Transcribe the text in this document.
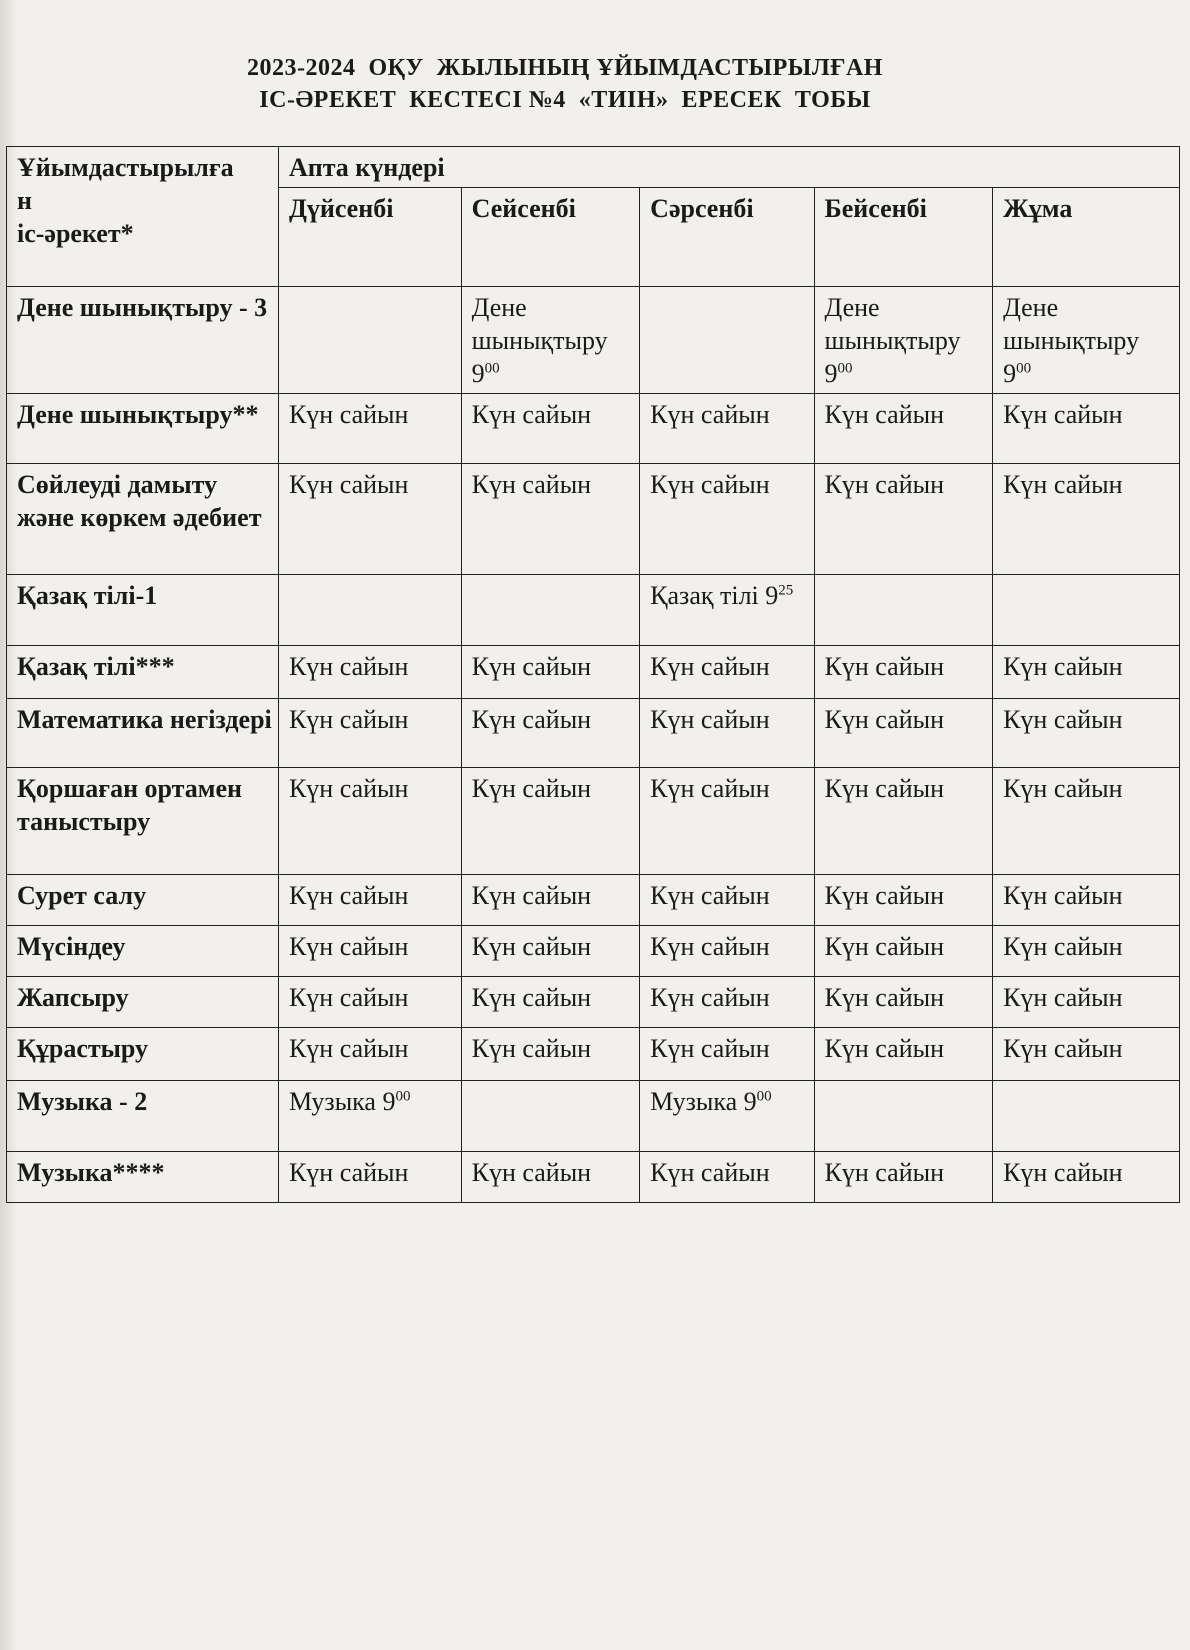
2023-2024  ОҚУ  ЖЫЛЫНЫҢ ҰЙЫМДАСТЫРЫЛҒАН
ІС-ӘРЕКЕТ  КЕСТЕСІ №4  «ТИІН»  ЕРЕСЕК  ТОБЫ
Ұйымдастырылға
н
іс-әрекет*	Апта күндері				
	Дүйсенбі	Сейсенбі	Сәрсенбі	Бейсенбі	Жұма
Дене шынықтыру - 3		Дене шынықтыру $9^{00}$		Дене шынықтыру $9^{00}$	Дене шынықтыру $9^{00}$
Дене шынықтыру**	Күн сайын	Күн сайын	Күн сайын	Күн сайын	Күн сайын
Сөйлеуді дамыту және көркем әдебиет	Күн сайын	Күн сайын	Күн сайын	Күн сайын	Күн сайын
Қазақ тілі-1			Қазақ тілі $9^{25}$		
Қазақ тілі***	Күн сайын	Күн сайын	Күн сайын	Күн сайын	Күн сайын
Математика негіздері	Күн сайын	Күн сайын	Күн сайын	Күн сайын	Күн сайын
Қоршаған ортамен таныстыру	Күн сайын	Күн сайын	Күн сайын	Күн сайын	Күн сайын
Сурет салу	Күн сайын	Күн сайын	Күн сайын	Күн сайын	Күн сайын
Мүсіндеу	Күн сайын	Күн сайын	Күн сайын	Күн сайын	Күн сайын
Жапсыру	Күн сайын	Күн сайын	Күн сайын	Күн сайын	Күн сайын
Құрастыру	Күн сайын	Күн сайын	Күн сайын	Күн сайын	Күн сайын
Музыка - 2	Музыка $9^{00}$		Музыка $9^{00}$		
Музыка****	Күн сайын	Күн сайын	Күн сайын	Күн сайын	Күн сайын
